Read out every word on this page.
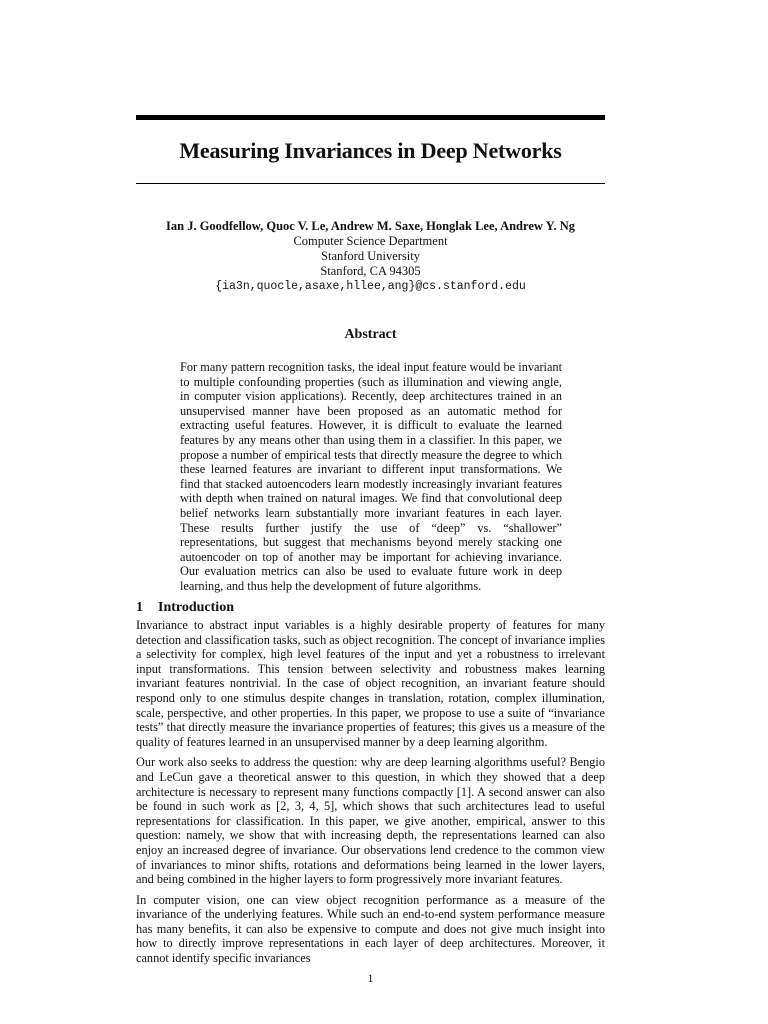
Measuring Invariances in Deep Networks
Ian J. Goodfellow, Quoc V. Le, Andrew M. Saxe, Honglak Lee, Andrew Y. Ng
Computer Science Department
Stanford University
Stanford, CA 94305
{ia3n,quocle,asaxe,hllee,ang}@cs.stanford.edu
Abstract

For many pattern recognition tasks, the ideal input feature would be invariant to multiple confounding properties (such as illumination and viewing angle, in computer vision applications). Recently, deep architectures trained in an unsupervised manner have been proposed as an automatic method for extracting useful features. However, it is difficult to evaluate the learned features by any means other than using them in a classifier. In this paper, we propose a number of empirical tests that directly measure the degree to which these learned features are invariant to different input transformations. We find that stacked autoencoders learn modestly increasingly invariant features with depth when trained on natural images. We find that convolutional deep belief networks learn substantially more invariant features in each layer. These results further justify the use of “deep” vs. “shallower” representations, but suggest that mechanisms beyond merely stacking one autoencoder on top of another may be important for achieving invariance. Our evaluation metrics can also be used to evaluate future work in deep learning, and thus help the development of future algorithms.

1 Introduction

Invariance to abstract input variables is a highly desirable property of features for many detection and classification tasks, such as object recognition. The concept of invariance implies a selectivity for complex, high level features of the input and yet a robustness to irrelevant input transformations. This tension between selectivity and robustness makes learning invariant features nontrivial. In the case of object recognition, an invariant feature should respond only to one stimulus despite changes in translation, rotation, complex illumination, scale, perspective, and other properties. In this paper, we propose to use a suite of “invariance tests” that directly measure the invariance properties of features; this gives us a measure of the quality of features learned in an unsupervised manner by a deep learning algorithm.

Our work also seeks to address the question: why are deep learning algorithms useful? Bengio and LeCun gave a theoretical answer to this question, in which they showed that a deep architecture is necessary to represent many functions compactly [1]. A second answer can also be found in such work as [2, 3, 4, 5], which shows that such architectures lead to useful representations for classification. In this paper, we give another, empirical, answer to this question: namely, we show that with increasing depth, the representations learned can also enjoy an increased degree of invariance. Our observations lend credence to the common view of invariances to minor shifts, rotations and deformations being learned in the lower layers, and being combined in the higher layers to form progressively more invariant features.

In computer vision, one can view object recognition performance as a measure of the invariance of the underlying features. While such an end-to-end system performance measure has many benefits, it can also be expensive to compute and does not give much insight into how to directly improve representations in each layer of deep architectures. Moreover, it cannot identify specific invariances

1
